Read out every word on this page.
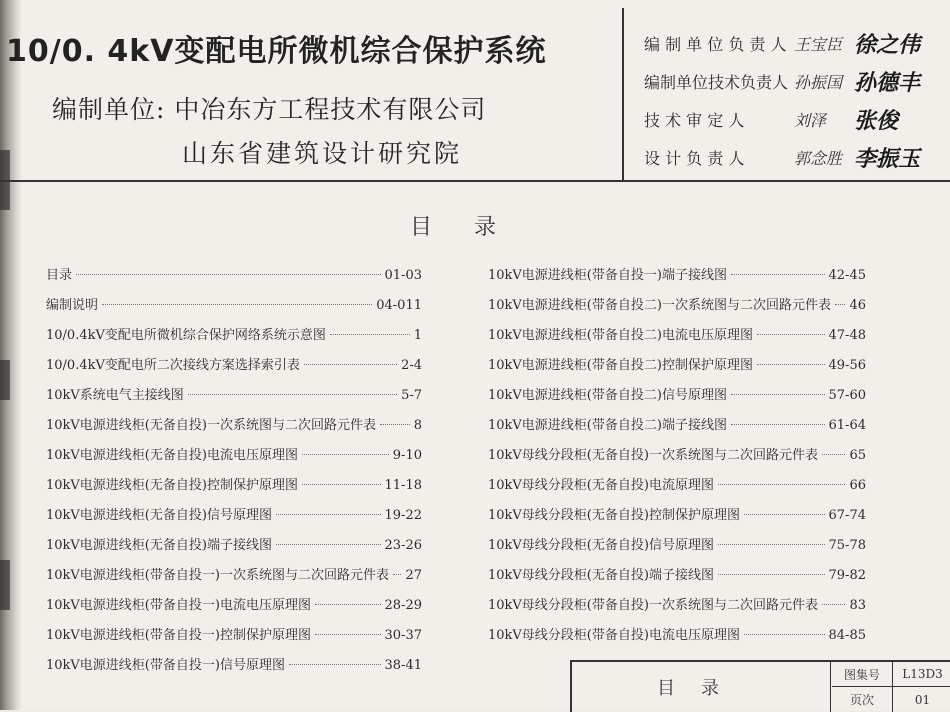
10/0. 4kV变配电所微机综合保护系统
编制单位: 中冶东方工程技术有限公司
山东省建筑设计研究院
编 制 单 位 负 责 人 王宝臣 徐之伟
编制单位技术负责人 孙振国 孙德丰
技 术 审 定 人	刘泽 张俊
设 计 负 责 人	郭念胜 李振玉
目录
目录	01-03
编制说明	04-011
10/0.4kV变配电所微机综合保护网络系统示意图	1
10/0.4kV变配电所二次接线方案选择索引表	2-4
10kV系统电气主接线图	5-7
10kV电源进线柜(无备自投)一次系统图与二次回路元件表	8
10kV电源进线柜(无备自投)电流电压原理图	9-10
10kV电源进线柜(无备自投)控制保护原理图	11-18
10kV电源进线柜(无备自投)信号原理图	19-22
10kV电源进线柜(无备自投)端子接线图	23-26
10kV电源进线柜(带备自投一)一次系统图与二次回路元件表 27
10kV电源进线柜(带备自投一)电流电压原理图	28-29
10kV电源进线柜(带备自投一)控制保护原理图	30-37
10kV电源进线柜(带备自投一)信号原理图	38-41
10kV电源进线柜(带备自投一)端子接线图	42-45
10kV电源进线柜(带备自投二)一次系统图与二次回路元件表 46
10kV电源进线柜(带备自投二)电流电压原理图	47-48
10kV电源进线柜(带备自投二)控制保护原理图	49-56
10kV电源进线柜(带备自投二)信号原理图	57-60
10kV电源进线柜(带备自投二)端子接线图	61-64
10kV母线分段柜(无备自投)一次系统图与二次回路元件表 65
10kV母线分段柜(无备自投)电流原理图	66
10kV母线分段柜(无备自投)控制保护原理图	67-74
10kV母线分段柜(无备自投)信号原理图	75-78
10kV母线分段柜(无备自投)端子接线图	79-82
10kV母线分段柜(带备自投)一次系统图与二次回路元件表 83
10kV母线分段柜(带备自投)电流电压原理图	84-85
目录
图集号	L13D3
页次	01
